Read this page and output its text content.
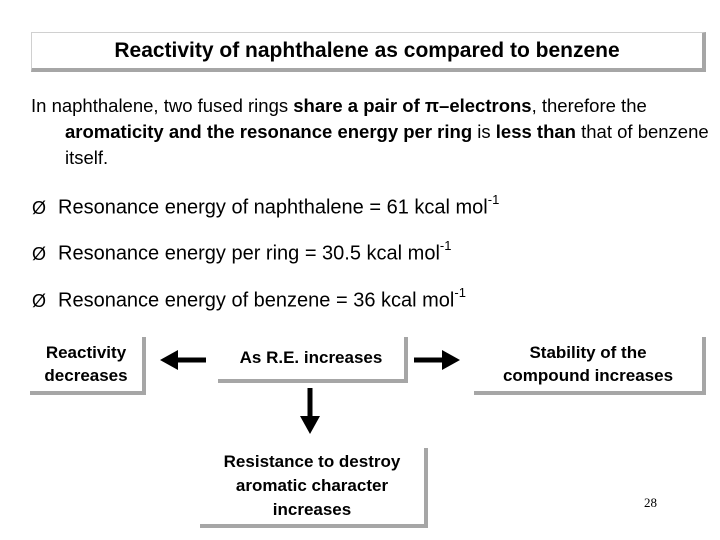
Reactivity of naphthalene as compared to benzene

In naphthalene, two fused rings share a pair of π–electrons, therefore the aromaticity and the resonance energy per ring is less than that of benzene itself.

Ø Resonance energy of naphthalene = 61 kcal mol$^{-1}$
Ø Resonance energy per ring = 30.5 kcal mol$^{-1}$
Ø Resonance energy of benzene = 36 kcal mol$^{-1}$
Reactivity
decreases
As R.E. increases	Stability of the
compound increases
Resistance to destroy
aromatic character
increases	28
